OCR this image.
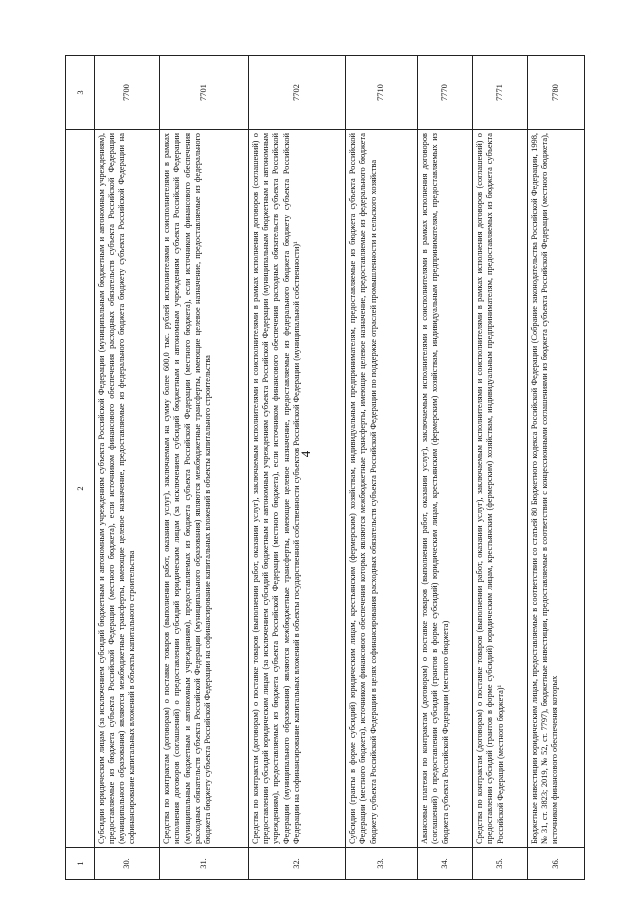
4
1	2	3
30.	Субсидии юридическим лицам (за исключением субсидий бюджетным и автономным учреждениям субъекта Российской Федерации (муниципальным бюджетным и автономным учреждениям), предоставляемые из бюджета субъекта Российской Федерации (местного бюджета), если источником финансового обеспечения расходных обязательств субъекта Российской Федерации (муниципального образования) являются межбюджетные трансферты, имеющие целевое назначение, предоставляемые из федерального бюджета бюджету субъекта Российской Федерации на софинансирование капитальных вложений в объекты капитального строительства	7700
31.	Средства по контрактам (договорам) о поставке товаров (выполнении работ, оказании услуг), заключаемым на сумму более 600,0 тыс. рублей исполнителями и соисполнителями в рамках исполнения договоров (соглашений) о предоставлении субсидий юридическим лицам (за исключением субсидий бюджетным и автономным учреждениям субъекта Российской Федерации (муниципальным бюджетным и автономным учреждениям), предоставляемых из бюджета субъекта Российской Федерации (местного бюджета), если источником финансового обеспечения расходных обязательств субъекта Российской Федерации (муниципального образования) являются межбюджетные трансферты, имеющие целевое назначение, предоставляемые из федерального бюджета бюджету субъекта Российской Федерации на софинансирование капитальных вложений в объекты капитального строительства	7701
32.	Средства по контрактам (договорам) о поставке товаров (выполнении работ, оказании услуг), заключаемым исполнителями и соисполнителями в рамках исполнения договоров (соглашений) о предоставлении субсидий юридическим лицам (за исключением субсидий бюджетным и автономным учреждениям субъекта Российской Федерации (муниципальным бюджетным и автономным учреждениям), предоставляемых из бюджета субъекта Российской Федерации (местного бюджета), если источником финансового обеспечения расходных обязательств субъекта Российской Федерации (муниципального образования) являются межбюджетные трансферты, имеющие целевое назначение, предоставляемые из федерального бюджета бюджету субъекта Российской Федерации на софинансирование капитальных вложений в объекты государственной собственности субъектов Российской Федерации (муниципальной собственности)¹	7702
33.	Субсидии (гранты в форме субсидий) юридическим лицам, крестьянским (фермерским) хозяйствам, индивидуальным предпринимателям, предоставляемые из бюджета субъекта Российской Федерации (местного бюджета), источником финансового обеспечения которых являются межбюджетные трансферты, имеющие целевое назначение, предоставляемые из федерального бюджета бюджету субъекта Российской Федерации в целях софинансирования расходных обязательств субъекта Российской Федерации по поддержке отраслей промышленности и сельского хозяйства	7710
34.	Авансовые платежи по контрактам (договорам) о поставке товаров (выполнении работ, оказании услуг), заключаемым исполнителями и соисполнителями в рамках исполнения договоров (соглашений) о предоставлении субсидий (грантов в форме субсидий) юридическим лицам, крестьянским (фермерским) хозяйствам, индивидуальным предпринимателям, предоставляемых из бюджета субъекта Российской Федерации (местного бюджета)	7770
35.	Средства по контрактам (договорам) о поставке товаров (выполнении работ, оказании услуг), заключаемым исполнителями и соисполнителями в рамках исполнения договоров (соглашений) о предоставлении субсидий (грантов в форме субсидий) юридическим лицам, крестьянским (фермерским) хозяйствам, индивидуальным предпринимателям, предоставляемых из бюджета субъекта Российской Федерации (местного бюджета)¹	7771
36.	Бюджетные инвестиции юридическим лицам, предоставляемые в соответствии со статьей 80 Бюджетного кодекса Российской Федерации (Собрание законодательства Российской Федерации, 1998, № 31, ст. 3823; 2019, № 52, ст. 7797), бюджетные инвестиции, предоставляемые в соответствии с концессионными соглашениями из бюджета субъекта Российской Федерации (местного бюджета), источником финансового обеспечения которых	7780
